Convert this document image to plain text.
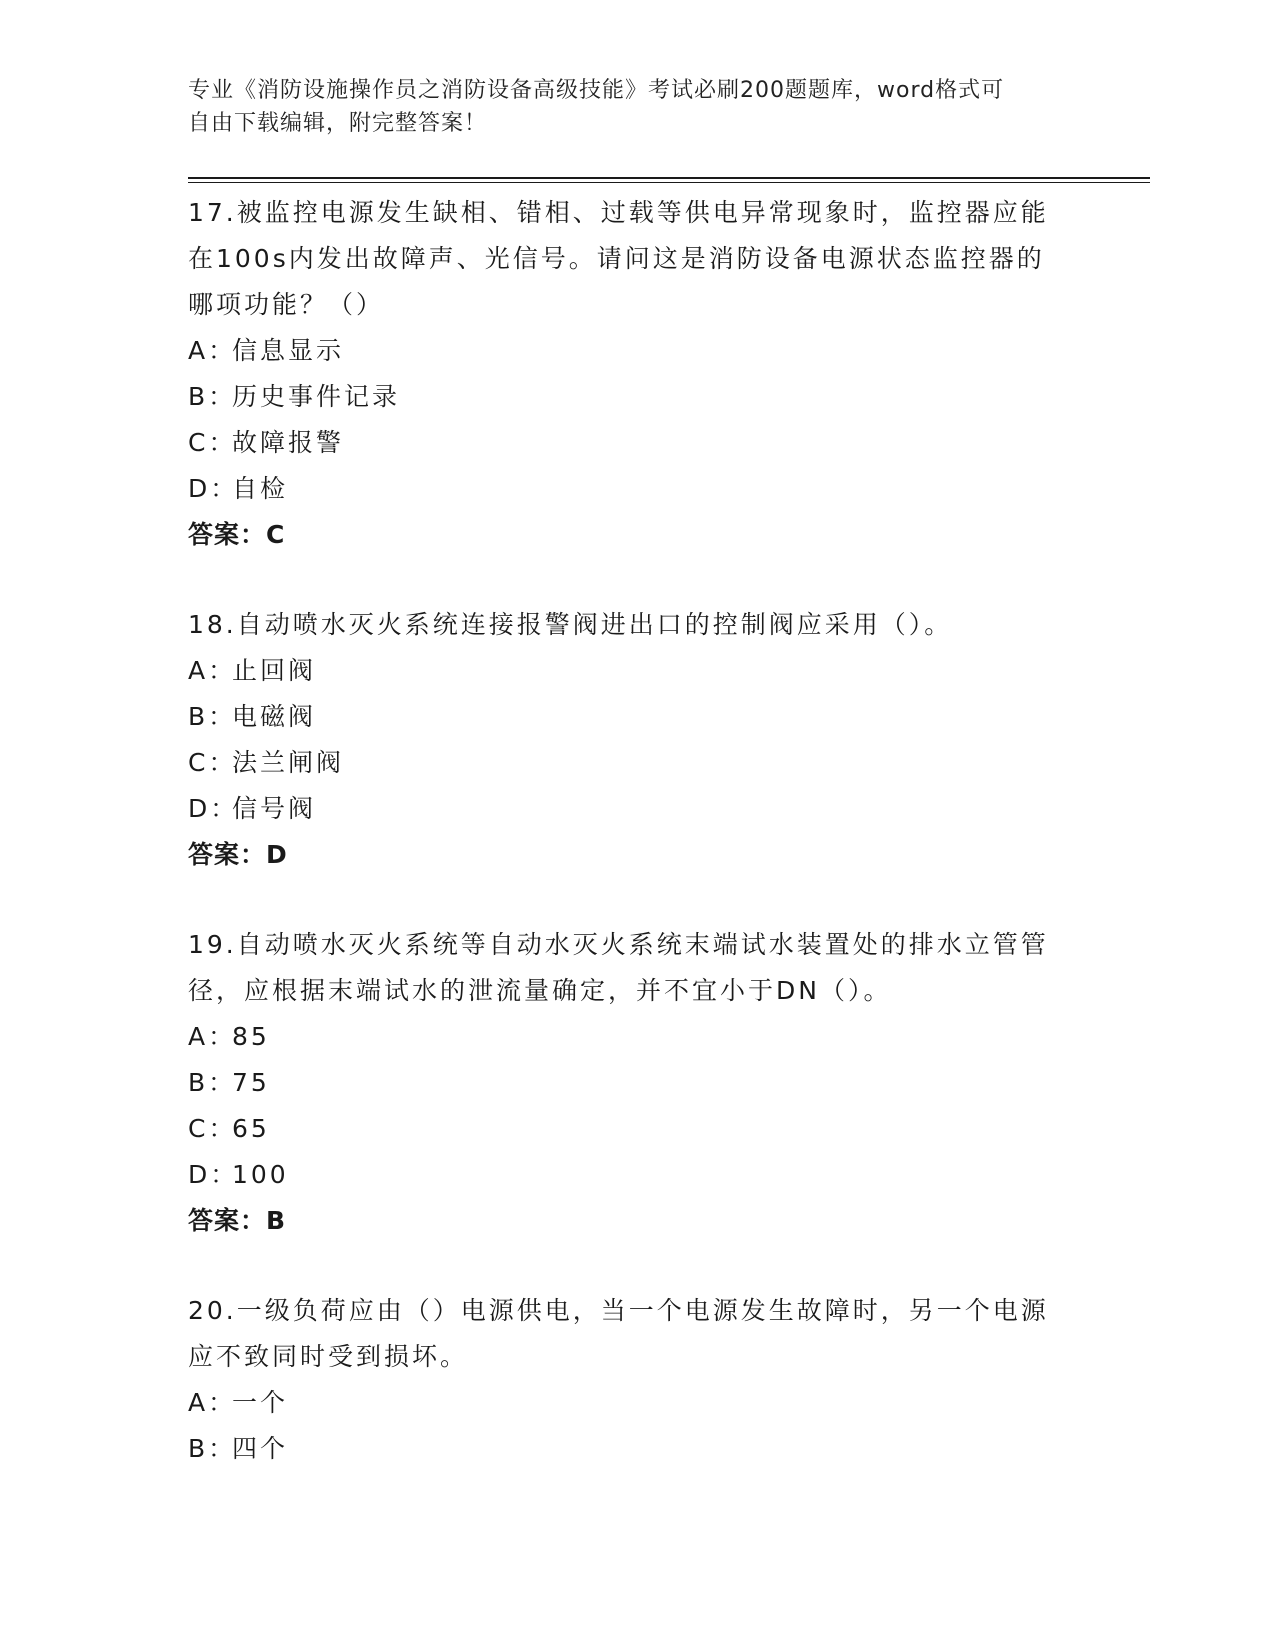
专业《消防设施操作员之消防设备高级技能》考试必刷200题题库，word格式可
自由下载编辑，附完整答案！
17.被监控电源发生缺相、错相、过载等供电异常现象时，监控器应能
在100s内发出故障声、光信号。请问这是消防设备电源状态监控器的
哪项功能？（）
A：
信息显示
B：
历史事件记录
C：
故障报警
D：
自检
答案：C
18.自动喷水灭火系统连接报警阀进出口的控制阀应采用（）。
A：
止回阀
B：
电磁阀
C：
法兰闸阀
D：
信号阀
答案：D
19.自动喷水灭火系统等自动水灭火系统末端试水装置处的排水立管管
径，应根据末端试水的泄流量确定，并不宜小于DN（）。
A：
85
B：
75
C：
65
D：
100
答案：B
20.一级负荷应由（）电源供电，当一个电源发生故障时，另一个电源
应不致同时受到损坏。
A：
一个
B：
四个
